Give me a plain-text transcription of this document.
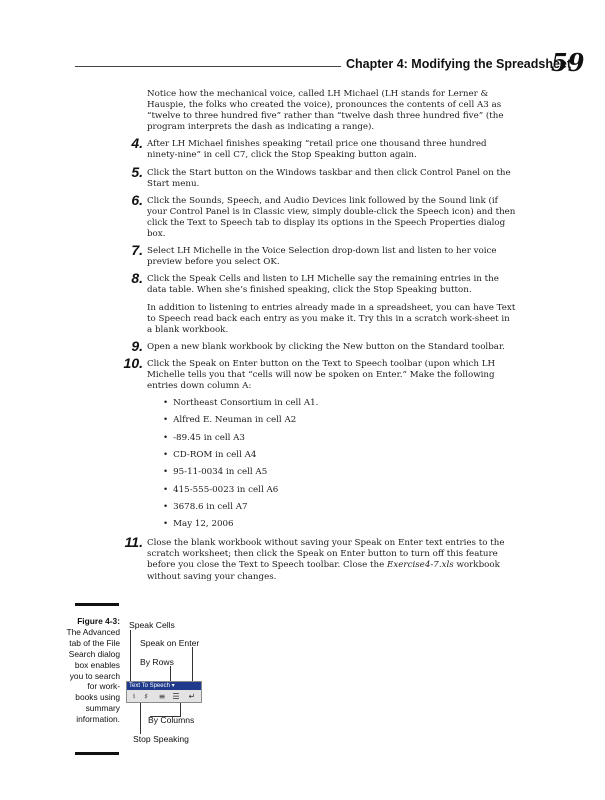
Chapter 4: Modifying the Spreadsheet
59

Notice how the mechanical voice, called LH Michael (LH stands for Lerner & Hauspie, the folks who created the voice), pronounces the contents of cell A3 as “twelve to three hundred five” rather than “twelve dash three hundred five” (the program interprets the dash as indicating a range).

4. After LH Michael finishes speaking “retail price one thousand three hundred ninety-nine” in cell C7, click the Stop Speaking button again.
5. Click the Start button on the Windows taskbar and then click Control Panel on the Start menu.
6. Click the Sounds, Speech, and Audio Devices link followed by the Sound link (if your Control Panel is in Classic view, simply double-click the Speech icon) and then click the Text to Speech tab to display its options in the Speech Properties dialog box.
7. Select LH Michelle in the Voice Selection drop-down list and listen to her voice preview before you select OK.
8. Click the Speak Cells and listen to LH Michelle say the remaining entries in the data table. When she’s finished speaking, click the Stop Speaking button.

In addition to listening to entries already made in a spreadsheet, you can have Text to Speech read back each entry as you make it. Try this in a scratch work-sheet in a blank workbook.

9. Open a new blank workbook by clicking the New button on the Standard toolbar.
10. Click the Speak on Enter button on the Text to Speech toolbar (upon which LH Michelle tells you that “cells will now be spoken on Enter.” Make the following entries down column A:
• Northeast Consortium in cell A1.
• Alfred E. Neuman in cell A2
• -89.45 in cell A3
• CD-ROM in cell A4
• 95-11-0034 in cell A5
• 415-555-0023 in cell A6
• 3678.6 in cell A7
• May 12, 2006
11. Close the blank workbook without saving your Speak on Enter text entries to the scratch worksheet; then click the Speak on Enter button to turn off this feature before you close the Text to Speech toolbar. Close the Exercise4-7.xls workbook without saving your changes.
Figure 4-3: The Advanced tab of the File Search dialog box enables you to search for work-books using summary information.
Speak Cells
Speak on Enter
By Rows
By Columns
Stop Speaking
Text To Speech ▾
♮	♯	≡ ☰ ↵
